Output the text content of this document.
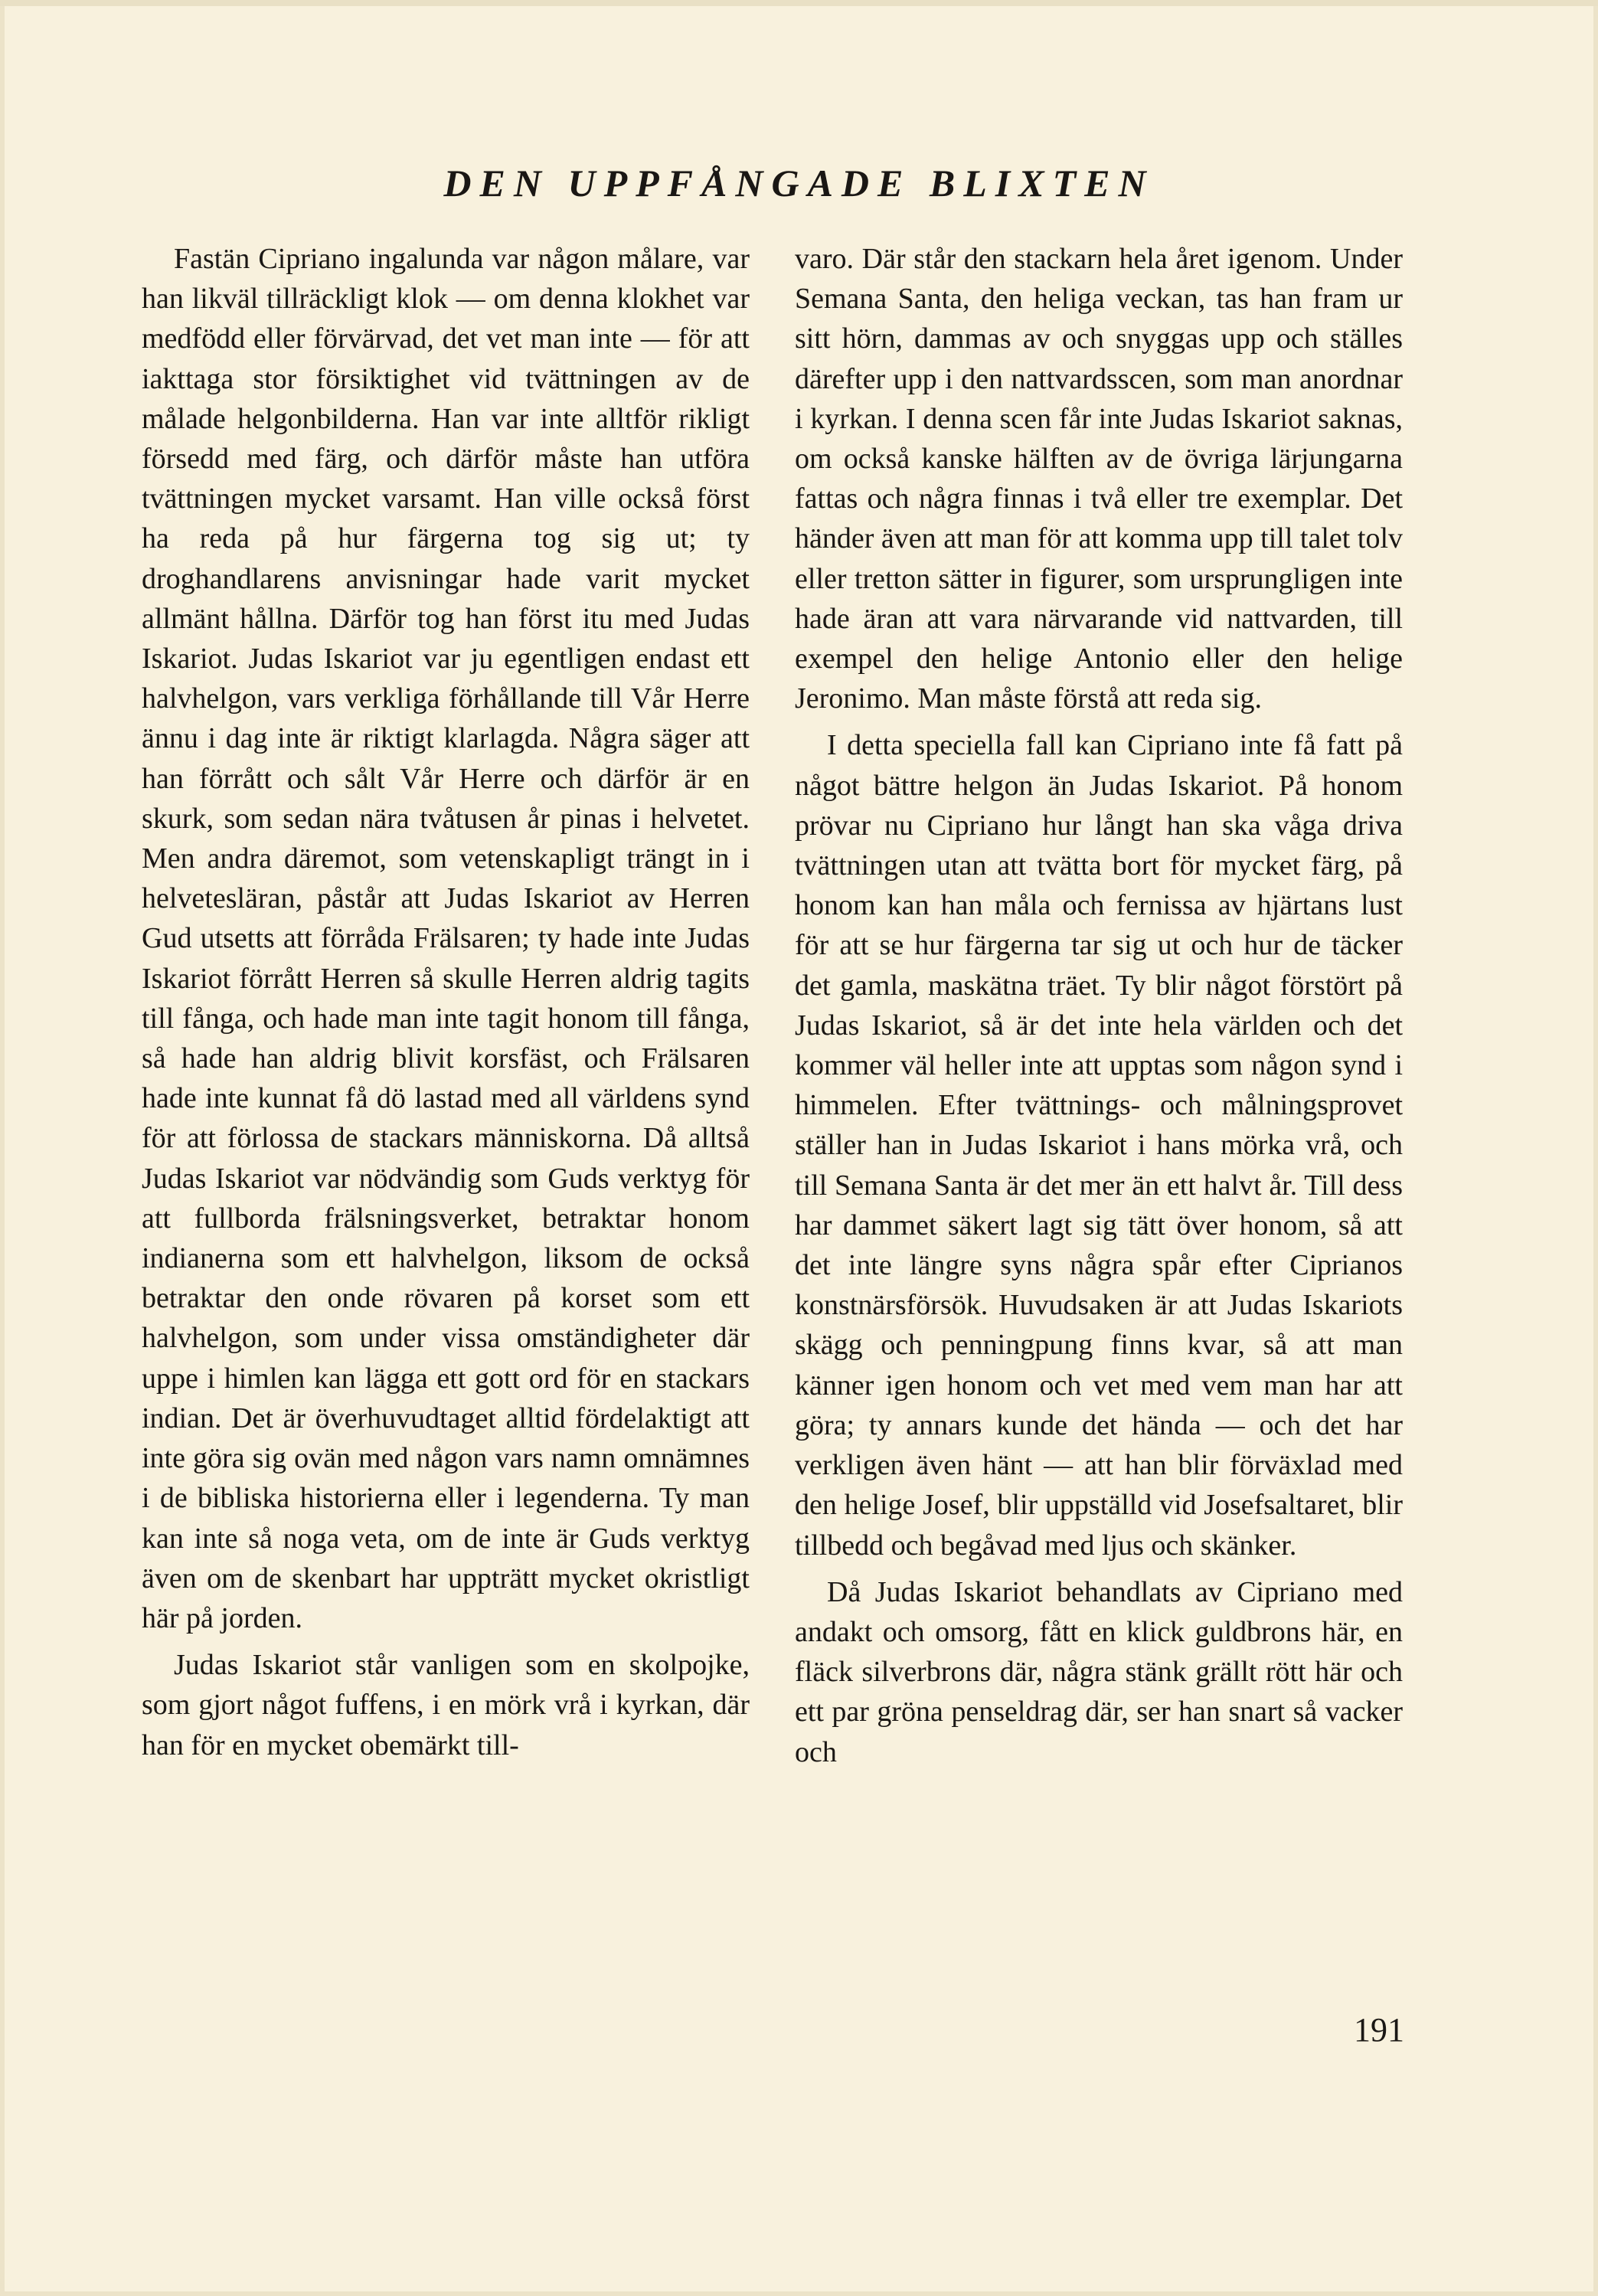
DEN UPPFÅNGADE BLIXTEN

Fastän Cipriano ingalunda var någon målare, var han likväl tillräckligt klok — om denna klokhet var medfödd eller förvärvad, det vet man inte — för att iakttaga stor försiktighet vid tvättningen av de målade helgonbilderna. Han var inte alltför rikligt försedd med färg, och därför måste han utföra tvättningen mycket varsamt. Han ville också först ha reda på hur färgerna tog sig ut; ty droghandlarens anvisningar hade varit mycket allmänt hållna. Därför tog han först itu med Judas Iskariot. Judas Iskariot var ju egentligen endast ett halvhelgon, vars verkliga förhållande till Vår Herre ännu i dag inte är riktigt klarlagda. Några säger att han förrått och sålt Vår Herre och därför är en skurk, som sedan nära tvåtusen år pinas i helvetet. Men andra däremot, som vetenskapligt trängt in i helvetesläran, påstår att Judas Iskariot av Herren Gud utsetts att förråda Frälsaren; ty hade inte Judas Iskariot förrått Herren så skulle Herren aldrig tagits till fånga, och hade man inte tagit honom till fånga, så hade han aldrig blivit korsfäst, och Frälsaren hade inte kunnat få dö lastad med all världens synd för att förlossa de stackars människorna. Då alltså Judas Iskariot var nödvändig som Guds verktyg för att fullborda frälsningsverket, betraktar honom indianerna som ett halvhelgon, liksom de också betraktar den onde rövaren på korset som ett halvhelgon, som under vissa omständigheter där uppe i himlen kan lägga ett gott ord för en stackars indian. Det är överhuvudtaget alltid fördelaktigt att inte göra sig ovän med någon vars namn omnämnes i de bibliska historierna eller i legenderna. Ty man kan inte så noga veta, om de inte är Guds verktyg även om de skenbart har uppträtt mycket okristligt här på jorden.

Judas Iskariot står vanligen som en skolpojke, som gjort något fuffens, i en mörk vrå i kyrkan, där han för en mycket obemärkt till-

varo. Där står den stackarn hela året igenom. Under Semana Santa, den heliga veckan, tas han fram ur sitt hörn, dammas av och snyggas upp och ställes därefter upp i den nattvardsscen, som man anordnar i kyrkan. I denna scen får inte Judas Iskariot saknas, om också kanske hälften av de övriga lärjungarna fattas och några finnas i två eller tre exemplar. Det händer även att man för att komma upp till talet tolv eller tretton sätter in figurer, som ursprungligen inte hade äran att vara närvarande vid nattvarden, till exempel den helige Antonio eller den helige Jeronimo. Man måste förstå att reda sig.

I detta speciella fall kan Cipriano inte få fatt på något bättre helgon än Judas Iskariot. På honom prövar nu Cipriano hur långt han ska våga driva tvättningen utan att tvätta bort för mycket färg, på honom kan han måla och fernissa av hjärtans lust för att se hur färgerna tar sig ut och hur de täcker det gamla, maskätna träet. Ty blir något förstört på Judas Iskariot, så är det inte hela världen och det kommer väl heller inte att upptas som någon synd i himmelen. Efter tvättnings- och målningsprovet ställer han in Judas Iskariot i hans mörka vrå, och till Semana Santa är det mer än ett halvt år. Till dess har dammet säkert lagt sig tätt över honom, så att det inte längre syns några spår efter Ciprianos konstnärsförsök. Huvudsaken är att Judas Iskariots skägg och penningpung finns kvar, så att man känner igen honom och vet med vem man har att göra; ty annars kunde det hända — och det har verkligen även hänt — att han blir förväxlad med den helige Josef, blir uppställd vid Josefsaltaret, blir tillbedd och begåvad med ljus och skänker.

Då Judas Iskariot behandlats av Cipriano med andakt och omsorg, fått en klick guldbrons här, en fläck silverbrons där, några stänk grällt rött här och ett par gröna penseldrag där, ser han snart så vacker och

191
